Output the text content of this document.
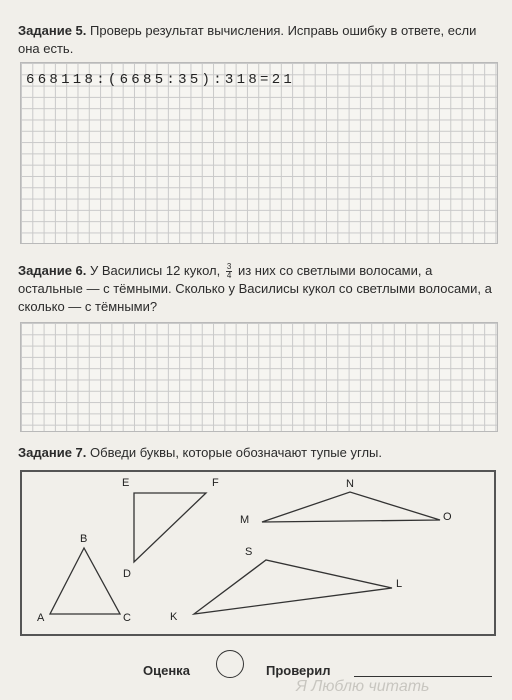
Задание 5. Проверь результат вычисления. Исправь ошибку в ответе, если она есть.
668118:(6685:35):318=21
Задание 6. У Василисы 12 кукол, $\frac{3}{4}$ из них со светлыми волосами, а остальные — с тёмными. Сколько у Василисы кукол со светлыми волосами, а сколько — с тёмными?
Задание 7. Обведи буквы, которые обозначают тупые углы.
E	F
D
B
A	C
N
M	O
S
L
K
Оценка	Проверил
Я Люблю читать
